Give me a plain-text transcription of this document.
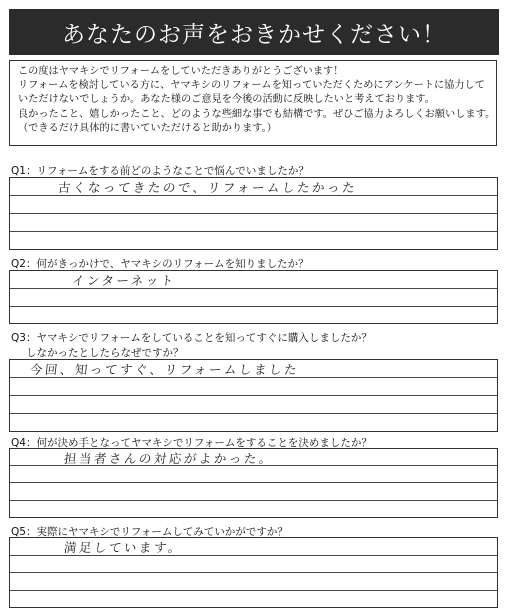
あなたのお声をおきかせください！
この度はヤマキシでリフォームをしていただきありがとうございます！
リフォームを検討している方に、ヤマキシのリフォームを知っていただくためにアンケートに協力して
いただけないでしょうか。あなた様のご意見を今後の活動に反映したいと考えております。
良かったこと、嬉しかったこと、どのような些細な事でも結構です。ぜひご協力よろしくお願いします。
（できるだけ具体的に書いていただけると助かります。）
Q1：リフォームをする前どのようなことで悩んでいましたか？
古くなってきたので、リフォームしたかった
Q2：何がきっかけで、ヤマキシのリフォームを知りましたか？
インターネット
Q3：ヤマキシでリフォームをしていることを知ってすぐに購入しましたか？
しなかったとしたらなぜですか？
今回、知ってすぐ、リフォームしました
Q4：何が決め手となってヤマキシでリフォームをすることを決めましたか？
担当者さんの対応がよかった。
Q5：実際にヤマキシでリフォームしてみていかがですか？
満足しています。
